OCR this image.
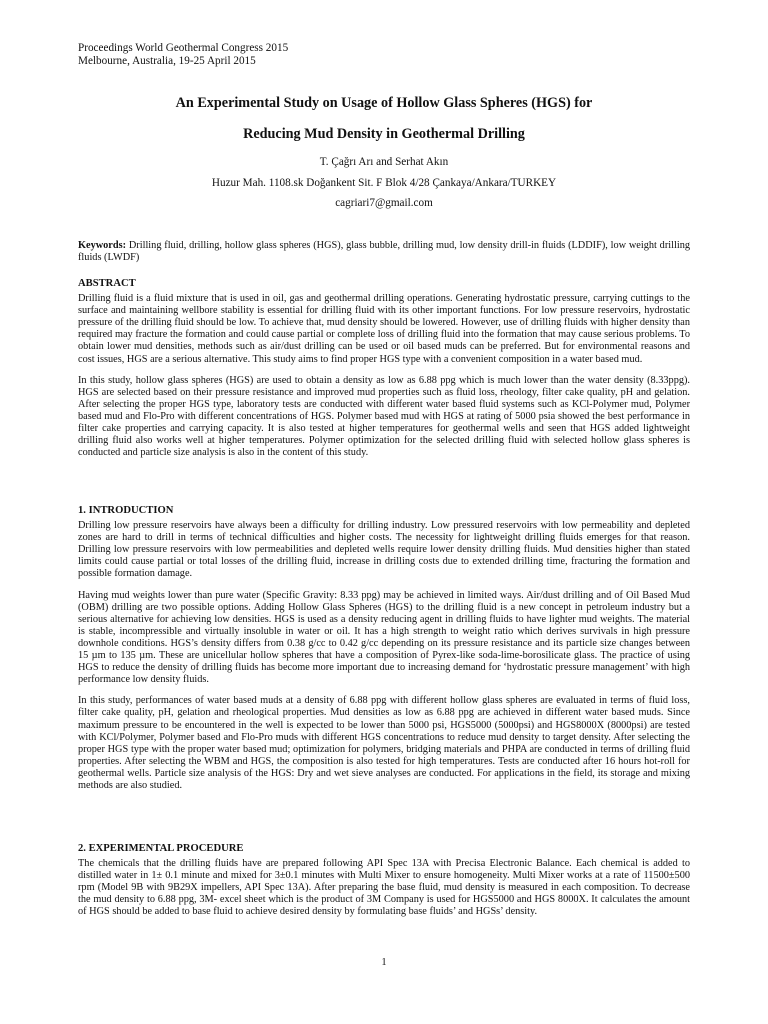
Proceedings World Geothermal Congress 2015
Melbourne, Australia, 19-25 April 2015
An Experimental Study on Usage of Hollow Glass Spheres (HGS) for
Reducing Mud Density in Geothermal Drilling
T. Çağrı Arı and Serhat Akın
Huzur Mah. 1108.sk Doğankent Sit. F Blok 4/28 Çankaya/Ankara/TURKEY
cagriari7@gmail.com

Keywords: Drilling fluid, drilling, hollow glass spheres (HGS), glass bubble, drilling mud, low density drill-in fluids (LDDIF), low weight drilling fluids (LWDF)

ABSTRACT

Drilling fluid is a fluid mixture that is used in oil, gas and geothermal drilling operations. Generating hydrostatic pressure, carrying cuttings to the surface and maintaining wellbore stability is essential for drilling fluid with its other important functions. For low pressure reservoirs, hydrostatic pressure of the drilling fluid should be low. To achieve that, mud density should be lowered. However, use of drilling fluids with higher density than required may fracture the formation and could cause partial or complete loss of drilling fluid into the formation that may cause serious problems. To obtain lower mud densities, methods such as air/dust drilling can be used or oil based muds can be preferred. But for environmental reasons and cost issues, HGS are a serious alternative. This study aims to find proper HGS type with a convenient composition in a water based mud.

In this study, hollow glass spheres (HGS) are used to obtain a density as low as 6.88 ppg which is much lower than the water density (8.33ppg). HGS are selected based on their pressure resistance and improved mud properties such as fluid loss, rheology, filter cake quality, pH and gelation. After selecting the proper HGS type, laboratory tests are conducted with different water based fluid systems such as KCl-Polymer mud, Polymer based mud and Flo-Pro with different concentrations of HGS. Polymer based mud with HGS at rating of 5000 psia showed the best performance in filter cake properties and carrying capacity. It is also tested at higher temperatures for geothermal wells and seen that HGS added lightweight drilling fluid also works well at higher temperatures. Polymer optimization for the selected drilling fluid with selected hollow glass spheres is conducted and particle size analysis is also in the content of this study.

1. INTRODUCTION

Drilling low pressure reservoirs have always been a difficulty for drilling industry. Low pressured reservoirs with low permeability and depleted zones are hard to drill in terms of technical difficulties and higher costs. The necessity for lightweight drilling fluids emerges for that reason. Drilling low pressure reservoirs with low permeabilities and depleted wells require lower density drilling fluids. Mud densities higher than stated limits could cause partial or total losses of the drilling fluid, increase in drilling costs due to extended drilling time, fracturing the formation and possible formation damage.

Having mud weights lower than pure water (Specific Gravity: 8.33 ppg) may be achieved in limited ways. Air/dust drilling and of Oil Based Mud (OBM) drilling are two possible options. Adding Hollow Glass Spheres (HGS) to the drilling fluid is a new concept in petroleum industry but a serious alternative for achieving low densities. HGS is used as a density reducing agent in drilling fluids to have lighter mud weights. The material is stable, incompressible and virtually insoluble in water or oil. It has a high strength to weight ratio which derives survivals in high pressure downhole conditions. HGS’s density differs from 0.38 g/cc to 0.42 g/cc depending on its pressure resistance and its particle size changes between 15 µm to 135 µm. These are unicellular hollow spheres that have a composition of Pyrex-like soda-lime-borosilicate glass. The practice of using HGS to reduce the density of drilling fluids has become more important due to increasing demand for ‘hydrostatic pressure management’ with high performance low density fluids.

In this study, performances of water based muds at a density of 6.88 ppg with different hollow glass spheres are evaluated in terms of fluid loss, filter cake quality, pH, gelation and rheological properties. Mud densities as low as 6.88 ppg are achieved in different water based muds. Since maximum pressure to be encountered in the well is expected to be lower than 5000 psi, HGS5000 (5000psi) and HGS8000X (8000psi) are tested with KCl/Polymer, Polymer based and Flo-Pro muds with different HGS concentrations to reduce mud density to target density. After selecting the proper HGS type with the proper water based mud; optimization for polymers, bridging materials and PHPA are conducted in terms of drilling fluid properties. After selecting the WBM and HGS, the composition is also tested for high temperatures. Tests are conducted after 16 hours hot-roll for geothermal wells. Particle size analysis of the HGS: Dry and wet sieve analyses are conducted. For applications in the field, its storage and mixing methods are also studied.

2. EXPERIMENTAL PROCEDURE

The chemicals that the drilling fluids have are prepared following API Spec 13A with Precisa Electronic Balance. Each chemical is added to distilled water in 1± 0.1 minute and mixed for 3±0.1 minutes with Multi Mixer to ensure homogeneity. Multi Mixer works at a rate of 11500±500 rpm (Model 9B with 9B29X impellers, API Spec 13A). After preparing the base fluid, mud density is measured in each composition. To decrease the mud density to 6.88 ppg, 3M- excel sheet which is the product of 3M Company is used for HGS5000 and HGS 8000X. It calculates the amount of HGS should be added to base fluid to achieve desired density by formulating base fluids’ and HGSs’ density.

1
